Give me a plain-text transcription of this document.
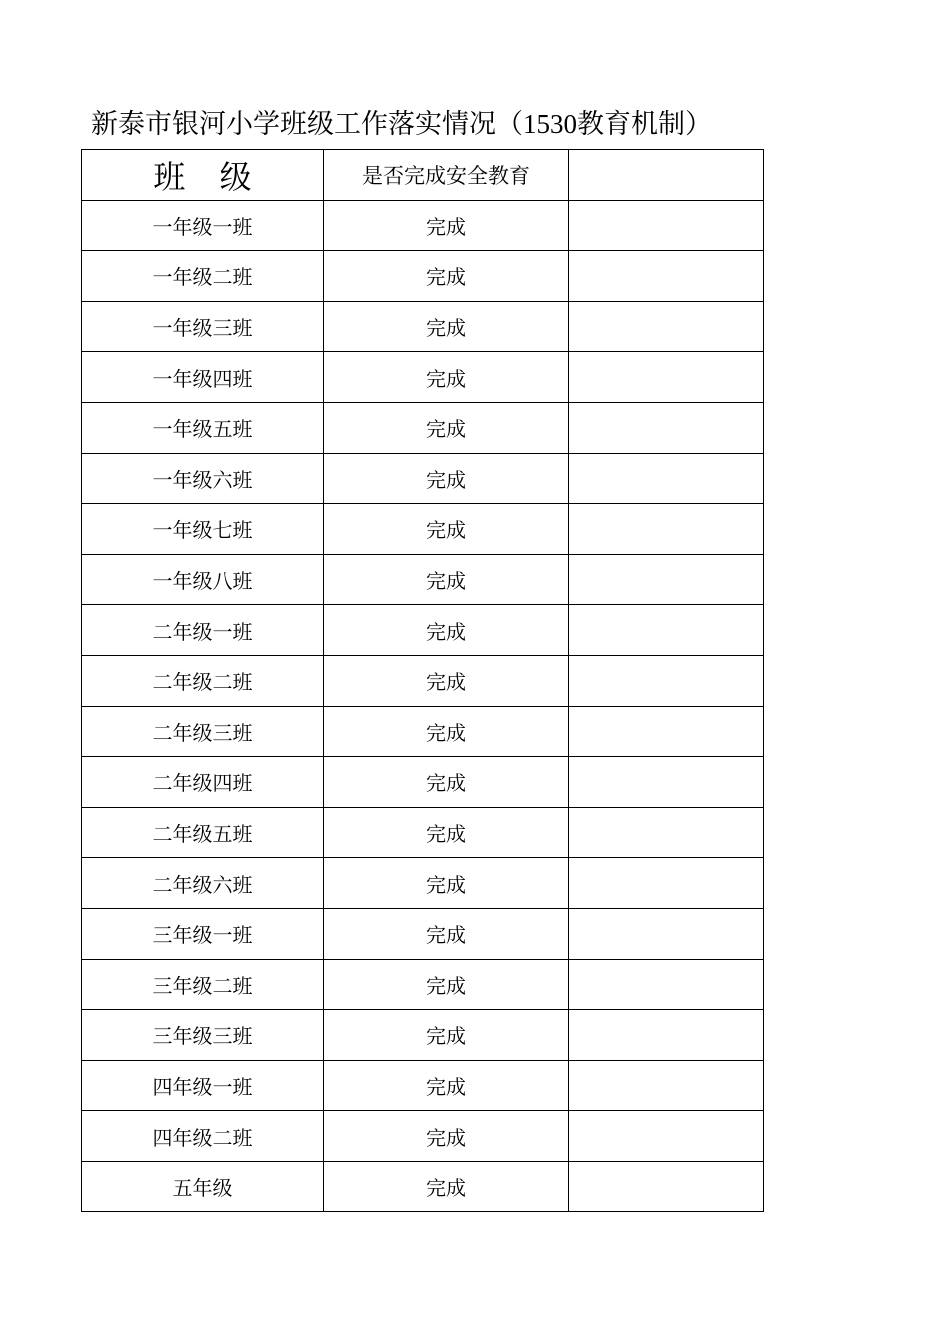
新泰市银河小学班级工作落实情况（1530教育机制）
班 级	是否完成安全教育	
一年级一班	完成	
一年级二班	完成	
一年级三班	完成	
一年级四班	完成	
一年级五班	完成	
一年级六班	完成	
一年级七班	完成	
一年级八班	完成	
二年级一班	完成	
二年级二班	完成	
二年级三班	完成	
二年级四班	完成	
二年级五班	完成	
二年级六班	完成	
三年级一班	完成	
三年级二班	完成	
三年级三班	完成	
四年级一班	完成	
四年级二班	完成	
五年级	完成	
